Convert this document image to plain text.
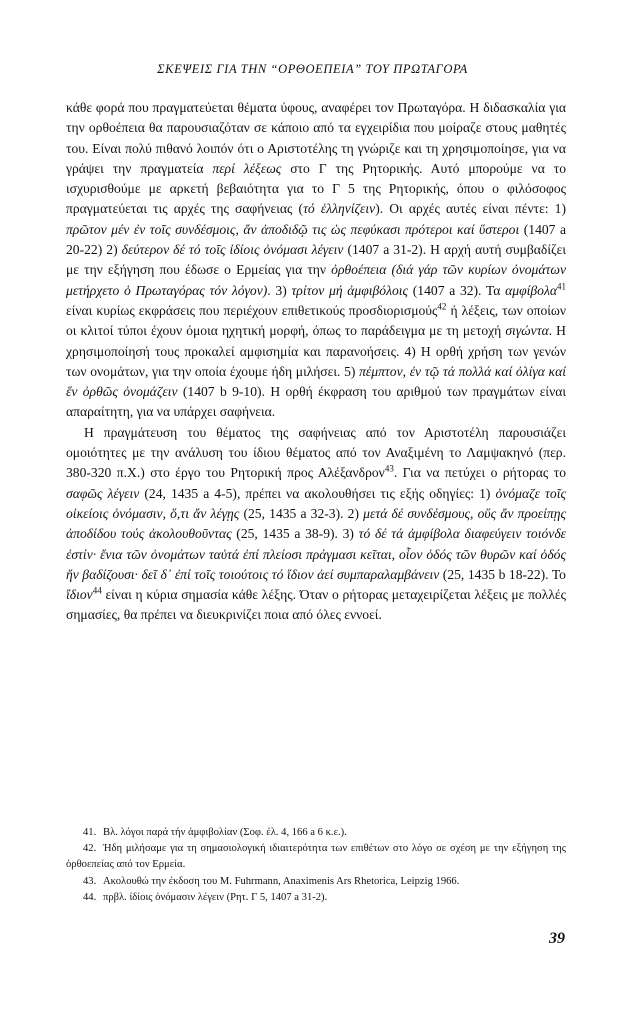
ΣΚΕΨΕΙΣ ΓΙΑ ΤΗΝ “ΟΡΘΟΕΠΕΙΑ” ΤΟΥ ΠΡΩΤΑΓΟΡΑ

κάθε φορά που πραγματεύεται θέματα ύφους, αναφέρει τον Πρωταγόρα. Η διδασκαλία για την ορθοέπεια θα παρουσιαζόταν σε κάποιο από τα εγχειρίδια που μοίραζε στους μαθητές του. Είναι πολύ πιθανό λοιπόν ότι ο Αριστοτέλης τη γνώριζε και τη χρησιμοποίησε, για να γράψει την πραγματεία περί λέξεως στο Γ της Ρητορικής. Αυτό μπορούμε να το ισχυρισθούμε με αρκετή βεβαιότητα για το Γ 5 της Ρητορικής, όπου ο φιλόσοφος πραγματεύεται τις αρχές της σαφήνειας (τό ἑλληνίζειν). Οι αρχές αυτές είναι πέντε: 1) πρῶτον μέν ἐν τοῖς συνδέσμοις, ἄν ἀποδιδῷ τις ὡς πεφύκασι πρότεροι καί ὕστεροι (1407 a 20-22) 2) δεύτερον δέ τό τοῖς ἰδίοις ὀνόμασι λέγειν (1407 a 31-2). Η αρχή αυτή συμβαδίζει με την εξήγηση που έδωσε ο Ερμείας για την ὀρθοέπεια (διά γάρ τῶν κυρίων ὀνομάτων μετήρχετο ὁ Πρωταγόρας τόν λόγον). 3) τρίτον μή ἀμφιβόλοις (1407 a 32). Τα αμφίβολα$^{41}$ είναι κυρίως εκφράσεις που περιέχουν επιθετικούς προσδιορισμούς$^{42}$ ή λέξεις, των οποίων οι κλιτοί τύποι έχουν όμοια ηχητική μορφή, όπως το παράδειγμα με τη μετοχή σιγώντα. Η χρησιμοποίησή τους προκαλεί αμφισημία και παρανοήσεις. 4) Η ορθή χρήση των γενών των ονομάτων, για την οποία έχουμε ήδη μιλήσει. 5) πέμπτον, ἐν τῷ τά πολλά καί ὀλίγα καί ἕν ὀρθῶς ὀνομάζειν (1407 b 9-10). Η ορθή έκφραση του αριθμού των πραγμάτων είναι απαραίτητη, για να υπάρχει σαφήνεια.

Η πραγμάτευση του θέματος της σαφήνειας από τον Αριστοτέλη παρουσιάζει ομοιότητες με την ανάλυση του ίδιου θέματος από τον Αναξιμένη το Λαμψακηνό (περ. 380-320 π.Χ.) στο έργο του Ρητορική προς Αλέξανδρον$^{43}$. Για να πετύχει ο ρήτορας το σαφῶς λέγειν (24, 1435 a 4-5), πρέπει να ακολουθήσει τις εξής οδηγίες: 1) ὀνόμαζε τοῖς οἰκείοις ὀνόμασιν, ὅ,τι ἄν λέγῃς (25, 1435 a 32-3). 2) μετά δέ συνδέσμους, οὕς ἄν προείπῃς ἀποδίδου τούς ἀκολουθοῦντας (25, 1435 a 38-9). 3) τό δέ τά ἀμφίβολα διαφεύγειν τοιόνδε ἐστίν· ἔνια τῶν ὀνομάτων ταὐτά ἐπί πλείοσι πράγμασι κεῖται, οἷον ὁδός τῶν θυρῶν καί ὁδός ἥν βαδίζουσι· δεῖ δ᾽ ἐπί τοῖς τοιούτοις τό ἴδιον ἀεί συμπαραλαμβάνειν (25, 1435 b 18-22). Το ἴδιον$^{44}$ είναι η κύρια σημασία κάθε λέξης. Όταν ο ρήτορας μεταχειρίζεται λέξεις με πολλές σημασίες, θα πρέπει να διευκρινίζει ποια από όλες εννοεί.

41. Βλ. λόγοι παρά τήν ἀμφιβολίαν (Σοφ. ἐλ. 4, 166 a 6 κ.ε.).

42. Ήδη μιλήσαμε για τη σημασιολογική ιδιαιτερότητα των επιθέτων στο λόγο σε σχέση με την εξήγηση της ὀρθοεπείας από τον Ερμεία.

43. Ακολουθώ την έκδοση του M. Fuhrmann, Anaximenis Ars Rhetorica, Leipzig 1966.

44. πρβλ. ἰδίοις ὀνόμασιν λέγειν (Ρητ. Γ 5, 1407 a 31-2).

39
